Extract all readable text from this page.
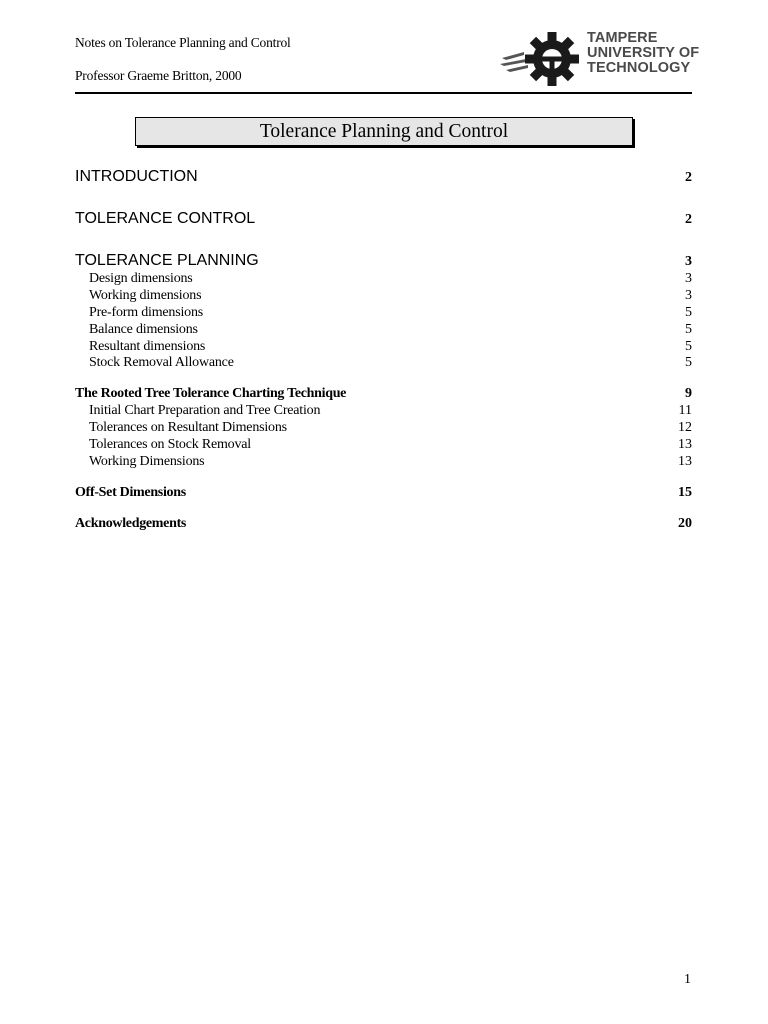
Notes on Tolerance Planning and Control
Professor Graeme Britton, 2000
TAMPERE
UNIVERSITY OF
TECHNOLOGY
Tolerance Planning and Control
INTRODUCTION	2
TOLERANCE CONTROL	2
TOLERANCE PLANNING	3
Design dimensions	3
Working dimensions	3
Pre-form dimensions	5
Balance dimensions	5
Resultant dimensions	5
Stock Removal Allowance	5
The Rooted Tree Tolerance Charting Technique	9
Initial Chart Preparation and Tree Creation	11
Tolerances on Resultant Dimensions	12
Tolerances on Stock Removal	13
Working Dimensions	13
Off-Set Dimensions	15
Acknowledgements	20
1
